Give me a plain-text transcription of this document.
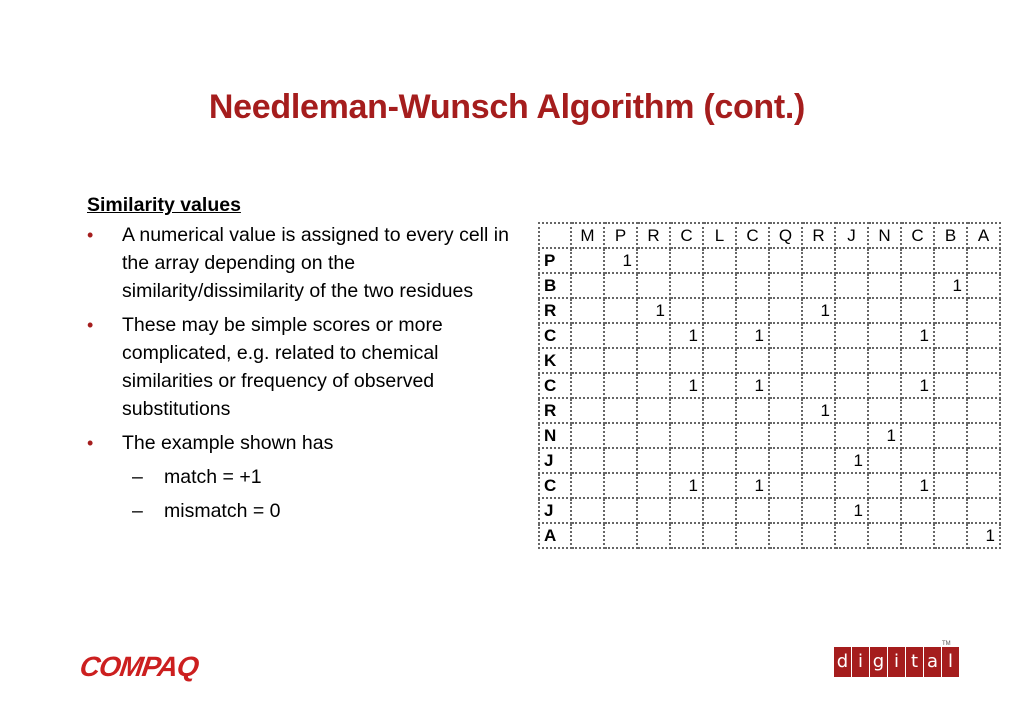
Needleman-Wunsch Algorithm (cont.)
Similarity values
• A numerical value is assigned to every cell in the array depending on the similarity/dissimilarity of the two residues
• These may be simple scores or more complicated, e.g. related to chemical similarities or frequency of observed substitutions
• The example shown has
– match = +1
– mismatch = 0
	M	P	R	C	L	C	Q	R	J	N	C	B	A
P		1											
B												1	
R			1					1					
C				1		1					1		
K													
C				1		1					1		
R								1					
N										1			
J									1				
C				1		1					1		
J									1				
A													1
COMPAQ	d i g i t a l
TM
